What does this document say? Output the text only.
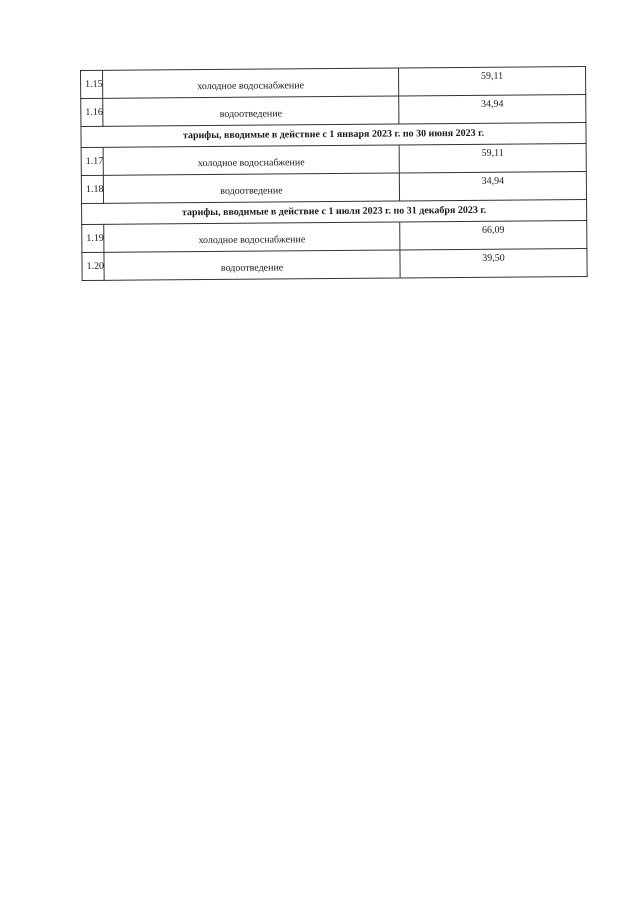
1.15	холодное водоснабжение	59,11
1.16	водоотведение	34,94
тарифы, вводимые в действие с 1 января 2023 г. по 30 июня 2023 г.		
1.17	холодное водоснабжение	59,11
1.18	водоотведение	34,94
тарифы, вводимые в действие с 1 июля 2023 г. по 31 декабря 2023 г.		
1.19	холодное водоснабжение	66,09
1.20	водоотведение	39,50
